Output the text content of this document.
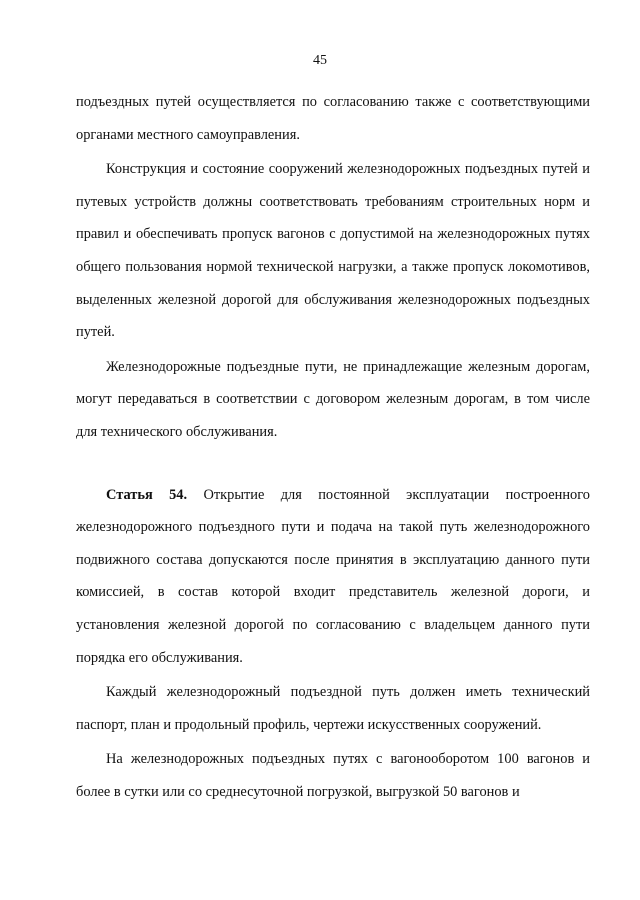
45

подъездных путей осуществляется по согласованию также с соответствующими органами местного самоуправления.

Конструкция и состояние сооружений железнодорожных подъездных путей и путевых устройств должны соответствовать требованиям строительных норм и правил и обеспечивать пропуск вагонов с допустимой на железнодорожных путях общего пользования нормой технической нагрузки, а также пропуск локомотивов, выделенных железной дорогой для обслуживания железнодорожных подъездных путей.

Железнодорожные подъездные пути, не принадлежащие железным дорогам, могут передаваться в соответствии с договором железным дорогам, в том числе для технического обслуживания.

Статья 54. Открытие для постоянной эксплуатации построенного железнодорожного подъездного пути и подача на такой путь железнодорожного подвижного состава допускаются после принятия в эксплуатацию данного пути комиссией, в состав которой входит представитель железной дороги, и установления железной дорогой по согласованию с владельцем данного пути порядка его обслуживания.

Каждый железнодорожный подъездной путь должен иметь технический паспорт, план и продольный профиль, чертежи искусственных сооружений.

На железнодорожных подъездных путях с вагонооборотом 100 вагонов и более в сутки или со среднесуточной погрузкой, выгрузкой 50 вагонов и
